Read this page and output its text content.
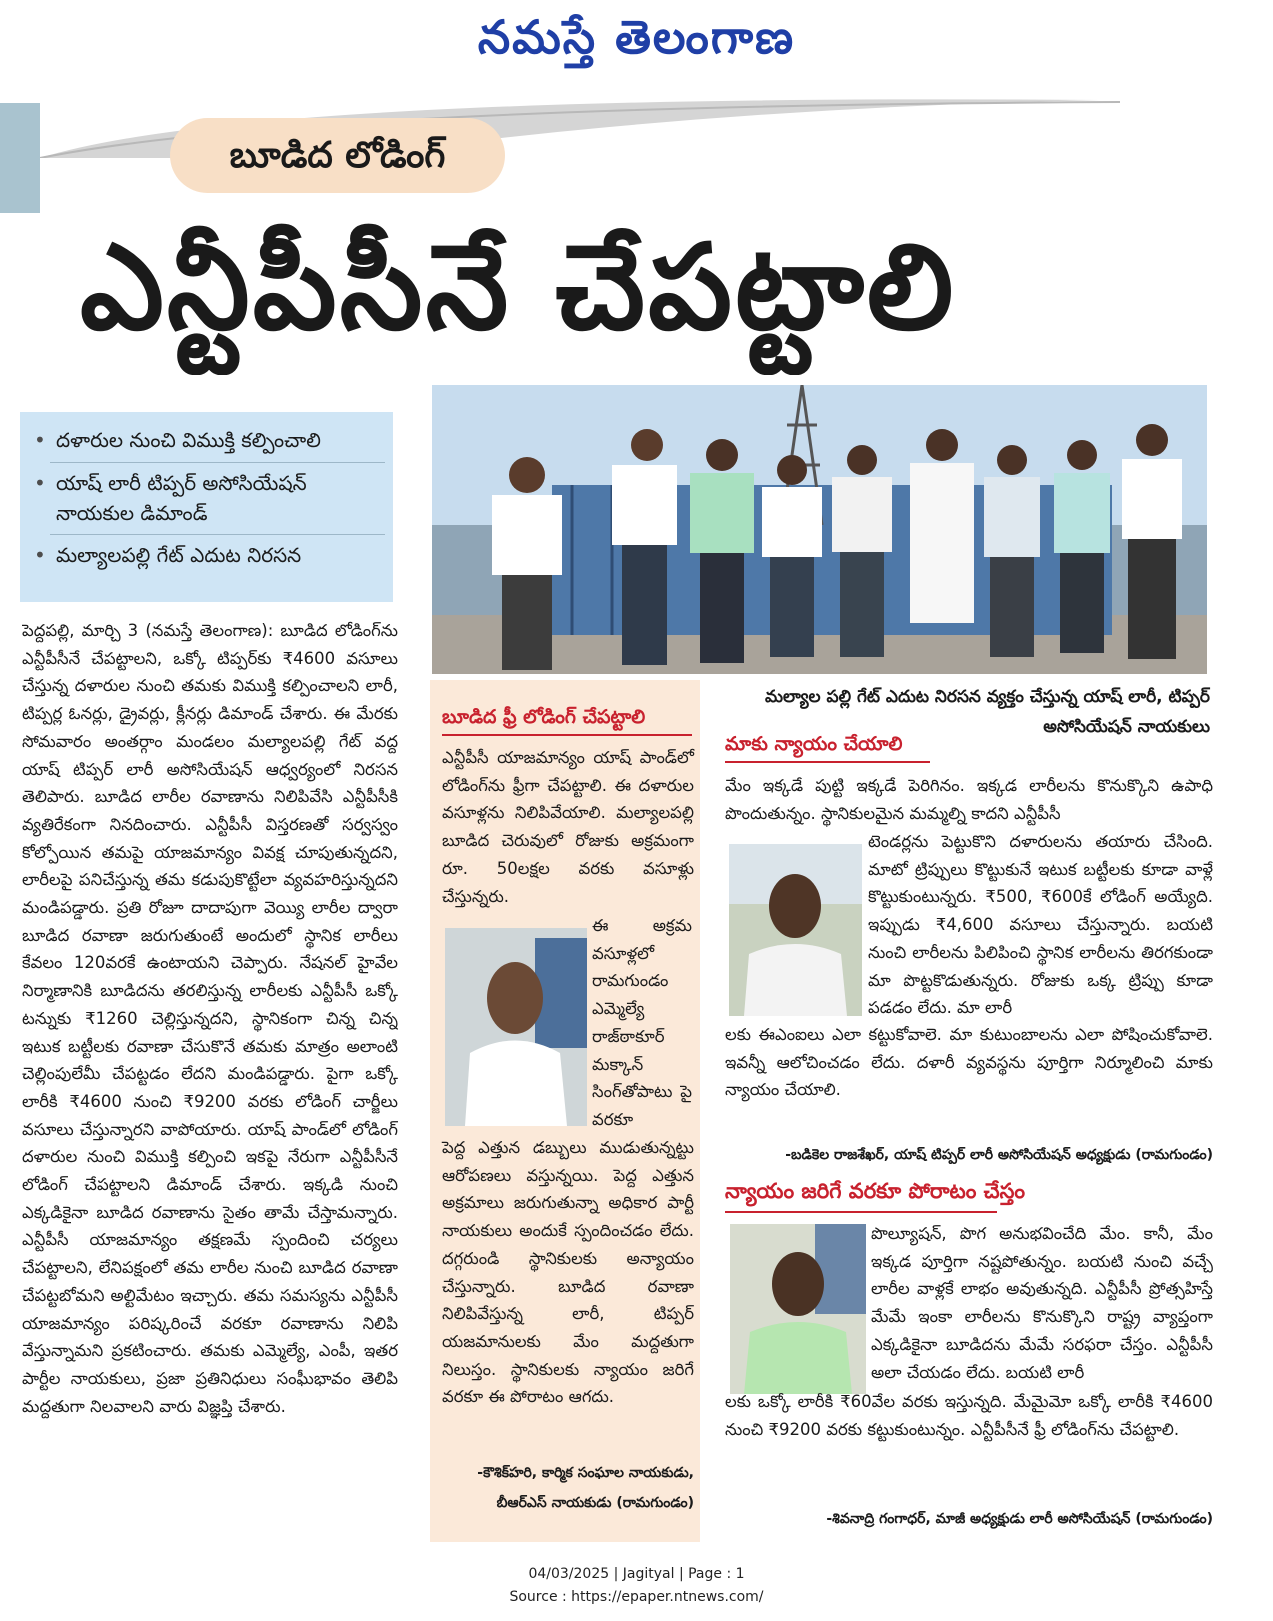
నమస్తే తెలంగాణ
బూడిద లోడింగ్
ఎన్టీపీసీనే చేపట్టాలి
• దళారుల నుంచి విముక్తి కల్పించాలి
• యాష్ లారీ టిప్పర్ అసోసియేషన్ నాయకుల డిమాండ్
• మల్యాలపల్లి గేట్ ఎదుట నిరసన
మల్యాల పల్లి గేట్ ఎదుట నిరసన వ్యక్తం చేస్తున్న యాష్ లారీ, టిప్పర్ అసోసియేషన్ నాయకులు
పెద్దపల్లి, మార్చి 3 (నమస్తే తెలంగాణ): బూడిద లోడింగ్‌ను ఎన్టీపీసీనే చేపట్టాలని, ఒక్కో టిప్పర్‌కు ₹4600 వసూలు చేస్తున్న దళారుల నుంచి తమకు విముక్తి కల్పించాలని లారీ, టిప్పర్ల ఓనర్లు, డ్రైవర్లు, క్లీనర్లు డిమాండ్ చేశారు. ఈ మేరకు సోమవారం అంతర్గాం మండలం మల్యాలపల్లి గేట్ వద్ద యాష్ టిప్పర్ లారీ అసోసియేషన్ ఆధ్వర్యంలో నిరసన తెలిపారు. బూడిద లారీల రవాణాను నిలిపివేసి ఎన్టీపీసీకి వ్యతిరేకంగా నినదించారు. ఎన్టీపీసీ విస్తరణతో సర్వస్వం కోల్పోయిన తమపై యాజమాన్యం వివక్ష చూపుతున్నదని, లారీలపై పనిచేస్తున్న తమ కడుపుకొట్టేలా వ్యవహరిస్తున్నదని మండిపడ్డారు. ప్రతి రోజూ దాదాపుగా వెయ్యి లారీల ద్వారా బూడిద రవాణా జరుగుతుంటే అందులో స్థానిక లారీలు కేవలం 120వరకే ఉంటాయని చెప్పారు. నేషనల్ హైవేల నిర్మాణానికి బూడిదను తరలిస్తున్న లారీలకు ఎన్టీపీసీ ఒక్కో టన్నుకు ₹1260 చెల్లిస్తున్నదని, స్థానికంగా చిన్న చిన్న ఇటుక బట్టీలకు రవాణా చేసుకొనే తమకు మాత్రం అలాంటి చెల్లింపులేమీ చేపట్టడం లేదని మండిపడ్డారు. పైగా ఒక్కో లారీకి ₹4600 నుంచి ₹9200 వరకు లోడింగ్ చార్జీలు వసూలు చేస్తున్నారని వాపోయారు. యాష్ పాండ్‌లో లోడింగ్ దళారుల నుంచి విముక్తి కల్పించి ఇకపై నేరుగా ఎన్టీపీసీనే లోడింగ్ చేపట్టాలని డిమాండ్ చేశారు. ఇక్కడి నుంచి ఎక్కడికైనా బూడిద రవాణాను సైతం తామే చేస్తామన్నారు. ఎన్టీపీసీ యాజమాన్యం తక్షణమే స్పందించి చర్యలు చేపట్టాలని, లేనిపక్షంలో తమ లారీల నుంచి బూడిద రవాణా చేపట్టబోమని అల్టిమేటం ఇచ్చారు. తమ సమస్యను ఎన్టీపీసీ యాజమాన్యం పరిష్కరించే వరకూ రవాణాను నిలిపి వేస్తున్నామని ప్రకటించారు. తమకు ఎమ్మెల్యే, ఎంపీ, ఇతర పార్టీల నాయకులు, ప్రజా ప్రతినిధులు సంఘీభావం తెలిపి మద్దతుగా నిలవాలని వారు విజ్ఞప్తి చేశారు.
బూడిద ఫ్రీ లోడింగ్ చేపట్టాలి
ఎన్టీపీసీ యాజమాన్యం యాష్ పాండ్‌లో లోడింగ్‌ను ఫ్రీగా చేపట్టాలి. ఈ దళారుల వసూళ్లను నిలిపివేయాలి. మల్యాలపల్లి బూడిద చెరువులో రోజుకు అక్రమంగా రూ. 50లక్షల వరకు వసూళ్లు చేస్తున్నరు.
ఈ అక్రమ వసూళ్లలో రామగుండం ఎమ్మెల్యే రాజ్‌ఠాకూర్ మక్కాన్ సింగ్‌తోపాటు పై వరకూ
పెద్ద ఎత్తున డబ్బులు ముడుతున్నట్టు ఆరోపణలు వస్తున్నయి. పెద్ద ఎత్తున అక్రమాలు జరుగుతున్నా అధికార పార్టీ నాయకులు అందుకే స్పందించడం లేదు. దగ్గరుండి స్థానికులకు అన్యాయం చేస్తున్నారు. బూడిద రవాణా నిలిపివేస్తున్న లారీ, టిప్పర్ యజమానులకు మేం మద్దతుగా నిలుస్తం. స్థానికులకు న్యాయం జరిగే వరకూ ఈ పోరాటం ఆగదు.
-కౌశిక్‌హరి, కార్మిక సంఘాల నాయకుడు,
బీఆర్‌ఎస్ నాయకుడు (రామగుండం)
మాకు న్యాయం చేయాలి
మేం ఇక్కడే పుట్టి ఇక్కడే పెరిగినం. ఇక్కడ లారీలను కొనుక్కొని ఉపాధి పొందుతున్నం. స్థానికులమైన మమ్మల్ని కాదని ఎన్టీపీసీ
టెండర్లను పెట్టుకొని దళారులను తయారు చేసింది. మాటో ట్రిప్పులు కొట్టుకునే ఇటుక బట్టీలకు కూడా వాళ్లే కొట్టుకుంటున్నరు. ₹500, ₹600కే లోడింగ్ అయ్యేది. ఇప్పుడు ₹4,600 వసూలు చేస్తున్నారు. బయటి నుంచి లారీలను పిలిపించి స్థానిక లారీలను తిరగకుండా మా పొట్టకొడుతున్నరు. రోజుకు ఒక్క ట్రిప్పు కూడా పడడం లేదు. మా లారీ
లకు ఈఎంఐలు ఎలా కట్టుకోవాలె. మా కుటుంబాలను ఎలా పోషించుకోవాలె. ఇవన్నీ ఆలోచించడం లేదు. దళారీ వ్యవస్థను పూర్తిగా నిర్మూలించి మాకు న్యాయం చేయాలి.
-బడికెల రాజశేఖర్, యాష్ టిప్పర్ లారీ అసోసియేషన్ అధ్యక్షుడు (రామగుండం)
న్యాయం జరిగే వరకూ పోరాటం చేస్తం
పొల్యూషన్, పొగ అనుభవించేది మేం. కానీ, మేం ఇక్కడ పూర్తిగా నష్టపోతున్నం. బయటి నుంచి వచ్చే లారీల వాళ్లకే లాభం అవుతున్నది. ఎన్టీపీసీ ప్రోత్సహిస్తే మేమే ఇంకా లారీలను కొనుక్కొని రాష్ట్ర వ్యాప్తంగా ఎక్కడికైనా బూడిదను మేమే సరఫరా చేస్తం. ఎన్టీపీసీ అలా చేయడం లేదు. బయటి లారీ
లకు ఒక్కో లారీకి ₹60వేల వరకు ఇస్తున్నది. మేమైమో ఒక్కో లారీకి ₹4600 నుంచి ₹9200 వరకు కట్టుకుంటున్నం. ఎన్టీపీసీనే ఫ్రీ లోడింగ్‌ను చేపట్టాలి.
-శివనాద్రి గంగాధర్, మాజీ అధ్యక్షుడు లారీ అసోసియేషన్ (రామగుండం)
04/03/2025 | Jagityal | Page : 1
Source : https://epaper.ntnews.com/
